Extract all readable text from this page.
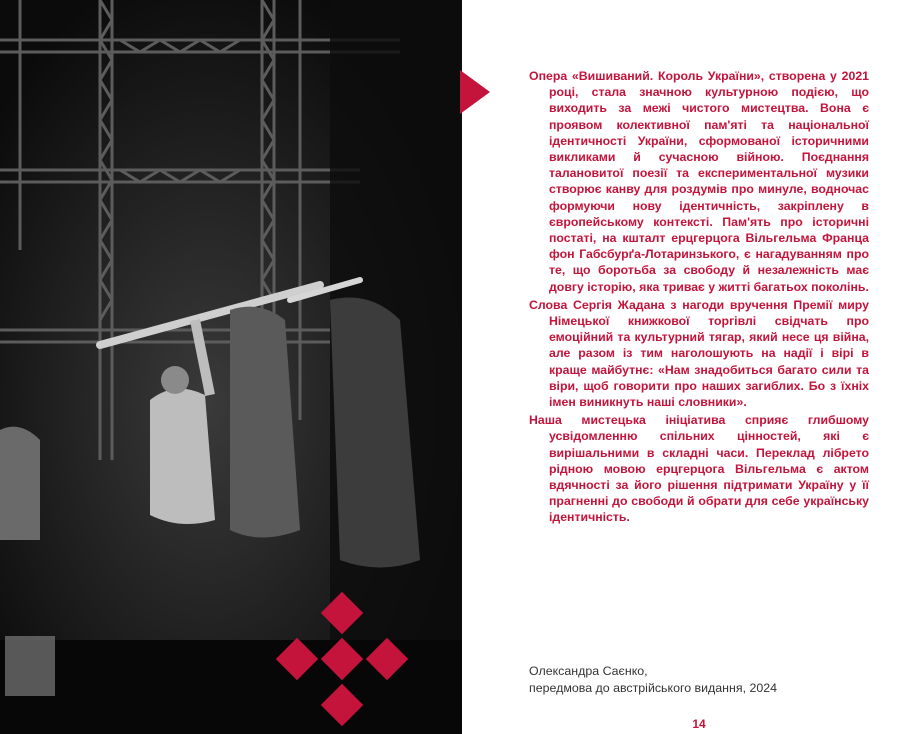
Опера «Вишиваний. Король України», створена у 2021 році, стала значною культурною подією, що виходить за межі чистого мистецтва. Вона є проявом колективної пам'яті та національної ідентичності України, сформованої історичними викликами й сучасною війною. Поєднання талановитої поезії та експериментальної музики створює канву для роздумів про минуле, водночас формуючи нову ідентичність, закріплену в європейському контексті. Пам'ять про історичні постаті, на кшталт ерцгерцога Вільгельма Франца фон Габсбурґа-Лотаринзького, є нагадуванням про те, що боротьба за свободу й незалежність має довгу історію, яка триває у житті багатьох поколінь.

Слова Сергія Жадана з нагоди вручення Премії миру Німецької книжкової торгівлі свідчать про емоційний та культурний тягар, який несе ця війна, але разом із тим наголошують на надії і вірі в краще майбутнє: «Нам знадобиться багато сили та віри, щоб говорити про наших загиблих. Бо з їхніх імен виникнуть наші словники».

Наша мистецька ініціатива сприяє глибшому усвідомленню спільних цінностей, які є вирішальними в складні часи. Переклад лібрето рідною мовою ерцгерцога Вільгельма є актом вдячності за його рішення підтримати Україну у її прагненні до свободи й обрати для себе українську ідентичність.

Олександра Саєнко,
передмова до австрійського видання, 2024
14
